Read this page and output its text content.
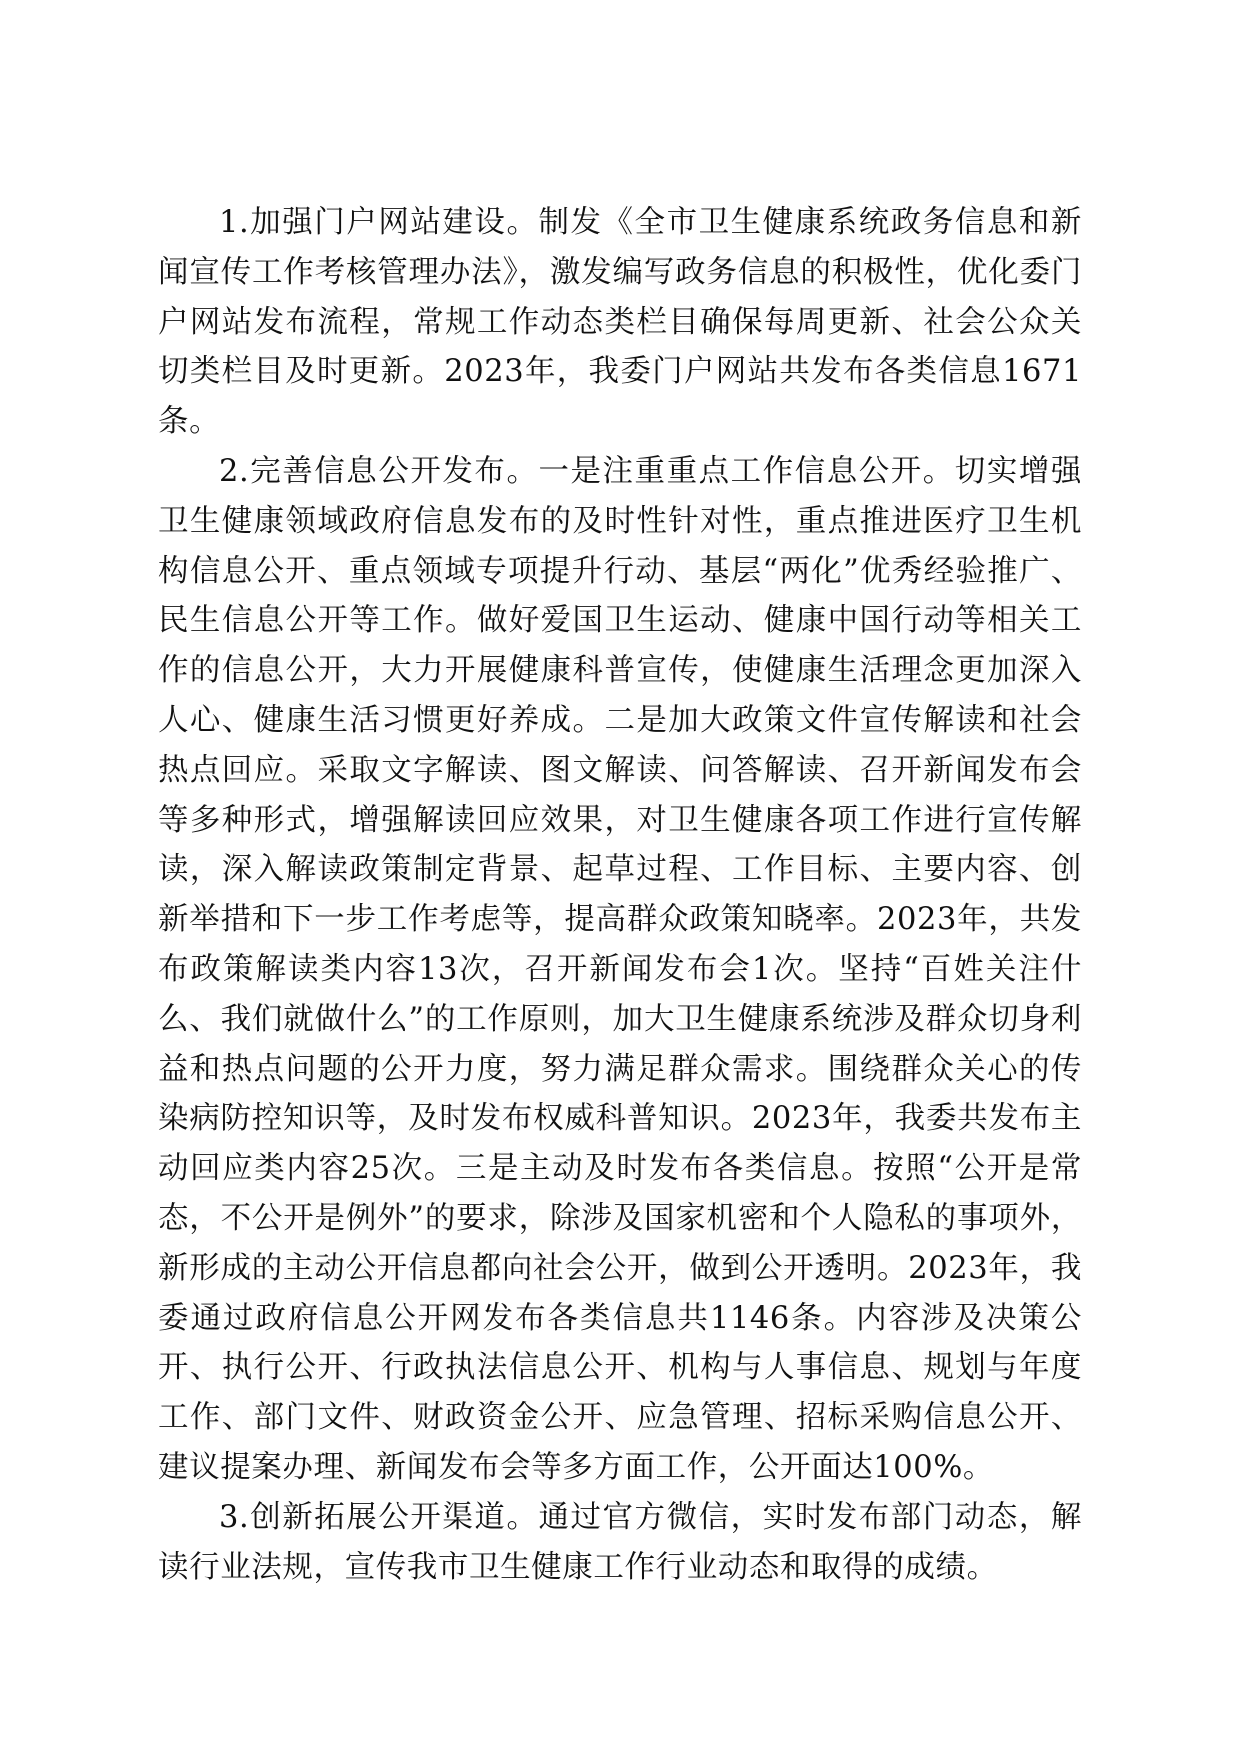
1.加强门户网站建设。制发《全市卫生健康系统政务信息和新闻宣传工作考核管理办法》，激发编写政务信息的积极性，优化委门户网站发布流程，常规工作动态类栏目确保每周更新、社会公众关切类栏目及时更新。2023年，我委门户网站共发布各类信息1671条。

2.完善信息公开发布。一是注重重点工作信息公开。切实增强卫生健康领域政府信息发布的及时性针对性，重点推进医疗卫生机构信息公开、重点领域专项提升行动、基层“两化”优秀经验推广、民生信息公开等工作。做好爱国卫生运动、健康中国行动等相关工作的信息公开，大力开展健康科普宣传，使健康生活理念更加深入人心、健康生活习惯更好养成。二是加大政策文件宣传解读和社会热点回应。采取文字解读、图文解读、问答解读、召开新闻发布会等多种形式，增强解读回应效果，对卫生健康各项工作进行宣传解读，深入解读政策制定背景、起草过程、工作目标、主要内容、创新举措和下一步工作考虑等，提高群众政策知晓率。2023年，共发布政策解读类内容13次，召开新闻发布会1次。坚持“百姓关注什么、我们就做什么”的工作原则，加大卫生健康系统涉及群众切身利益和热点问题的公开力度，努力满足群众需求。围绕群众关心的传染病防控知识等，及时发布权威科普知识。2023年，我委共发布主动回应类内容25次。三是主动及时发布各类信息。按照“公开是常态，不公开是例外”的要求，除涉及国家机密和个人隐私的事项外，新形成的主动公开信息都向社会公开，做到公开透明。2023年，我委通过政府信息公开网发布各类信息共1146条。内容涉及决策公开、执行公开、行政执法信息公开、机构与人事信息、规划与年度工作、部门文件、财政资金公开、应急管理、招标采购信息公开、建议提案办理、新闻发布会等多方面工作，公开面达100%。

3.创新拓展公开渠道。通过官方微信，实时发布部门动态，解读行业法规，宣传我市卫生健康工作行业动态和取得的成绩。
